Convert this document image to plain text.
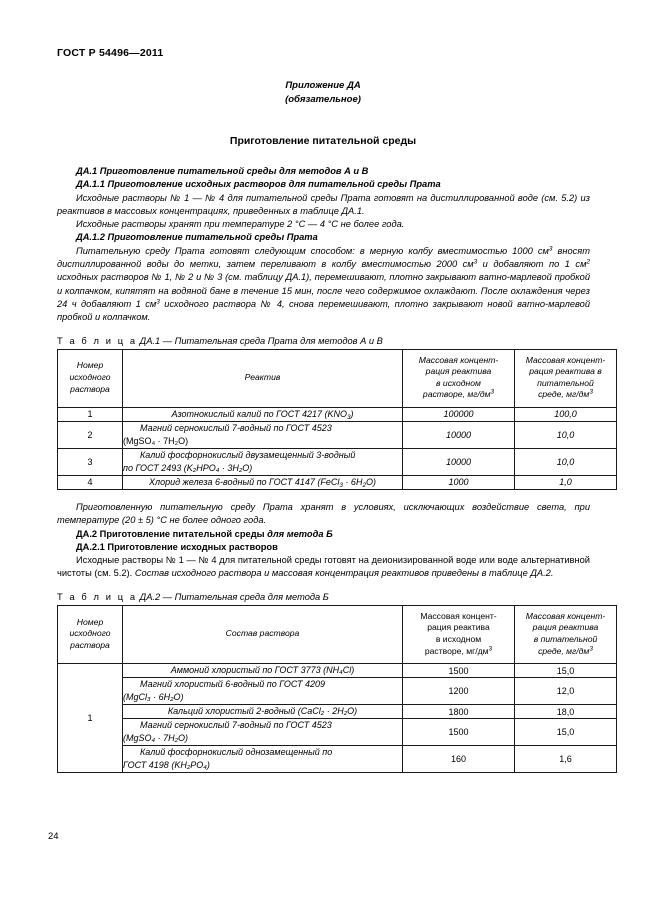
ГОСТ Р 54496—2011
Приложение ДА
(обязательное)
Приготовление питательной среды
ДА.1 Приготовление питательной среды для методов А и В
ДА.1.1 Приготовление исходных растворов для питательной среды Прата

Исходные растворы № 1 — № 4 для питательной среды Прата готовят на дистиллированной воде (см. 5.2) из реактивов в массовых концентрациях, приведенных в таблице ДА.1.

Исходные растворы хранят при температуре 2 °С — 4 °С не более года.

ДА.1.2 Приготовление питательной среды Прата

Питательную среду Прата готовят следующим способом: в мерную колбу вместимостью 1000 $см^3$ вносят дистиллированной воды до метки, затем переливают в колбу вместимостью 2000 $см^3$ и добавляют по 1 $см^2$ исходных растворов № 1, № 2 и № 3 (см. таблицу ДА.1), перемешивают, плотно закрывают ватно-марлевой пробкой и колпачком, кипятят на водяной бане в течение 15 мин, после чего содержимое охлаждают. После охлаждения через 24 ч добавляют 1 $см^3$ исходного раствора № 4, снова перемешивают, плотно закрывают новой ватно-марлевой пробкой и колпачком.

Т а б л и ц а ДА.1 — Питательная среда Прата для методов А и В
Номер
исходного
раствора	Реактив	Массовая концент-
рация реактива
в исходном
растворе, $мг/дм^3$	Массовая концент-
рация реактива в
питательной
среде, $мг/дм^3$
1	Азотнокислый калий по ГОСТ 4217 $(KNO_3)$	100000	100,0
2	Магний сернокислый 7-водный по ГОСТ 4523
(MgSO₄ · 7H₂O)	10000	10,0
3	Калий фосфорнокислый двузамещенный 3-водный
по ГОСТ 2493 (K₂HPO₄ · 3H₂O)	10000	10,0
4	Хлорид железа 6-водный по ГОСТ 4147 (FeCl$_3$ · $6H_2O$)	1000	1,0

Приготовленную питательную среду Прата хранят в условиях, исключающих воздействие света, при температуре (20 ± 5) °С не более одного года.

ДА.2 Приготовление питательной среды для метода Б
ДА.2.1 Приготовление исходных растворов

Исходные растворы № 1 — № 4 для питательной среды готовят на деионизированной воде или воде альтернативной чистоты (см. 5.2). Состав исходного раствора и массовая концентрация реактивов приведены в таблице ДА.2.

Т а б л и ц а ДА.2 — Питательная среда для метода Б
Номер
исходного
раствора	Состав раствора	Массовая концент-
рация реактива
в исходном
растворе, $мг/дм^3$	Массовая концент-
рация реактива
в питательной
среде, $мг/дм^3$
1	Аммоний хлористый по ГОСТ 3773 (NH₄Cl)	1500	15,0
	Магний хлористый 6-водный по ГОСТ 4209
(MgCl₃ · 6H₂O)	1200	12,0
	Кальций хлористый 2-водный (CaCl₂ · 2H₂O)	1800	18,0
	Магний сернокислый 7-водный по ГОСТ 4523
(MgSO₄ · 7H₂O)	1500	15,0
	Калий фосфорнокислый однозамещенный по
ГОСТ 4198 (KH₂PO₄)	160	1,6
24
